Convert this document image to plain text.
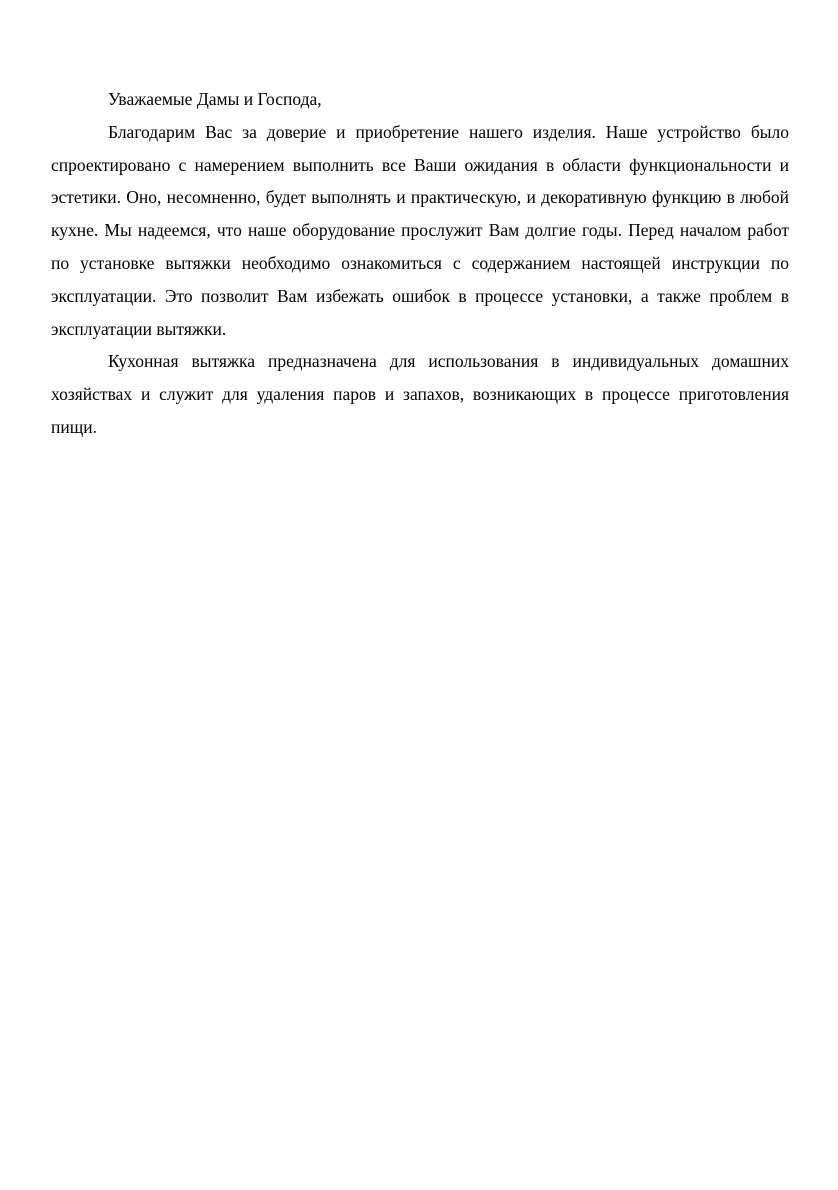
Уважаемые Дамы и Господа,

Благодарим Вас за доверие и приобретение нашего изделия. Наше устройство было спроектировано с намерением выполнить все Ваши ожидания в области функциональности и эстетики. Оно, несомненно, будет выполнять и практическую, и декоративную функцию в любой кухне. Мы надеемся, что наше оборудование прослужит Вам долгие годы. Перед началом работ по установке вытяжки необходимо ознакомиться с содержанием настоящей инструкции по эксплуатации. Это позволит Вам избежать ошибок в процессе установки, а также проблем в эксплуатации вытяжки.

Кухонная вытяжка предназначена для использования в индивидуальных домашних хозяйствах и служит для удаления паров и запахов, возникающих в процессе приготовления пищи.
